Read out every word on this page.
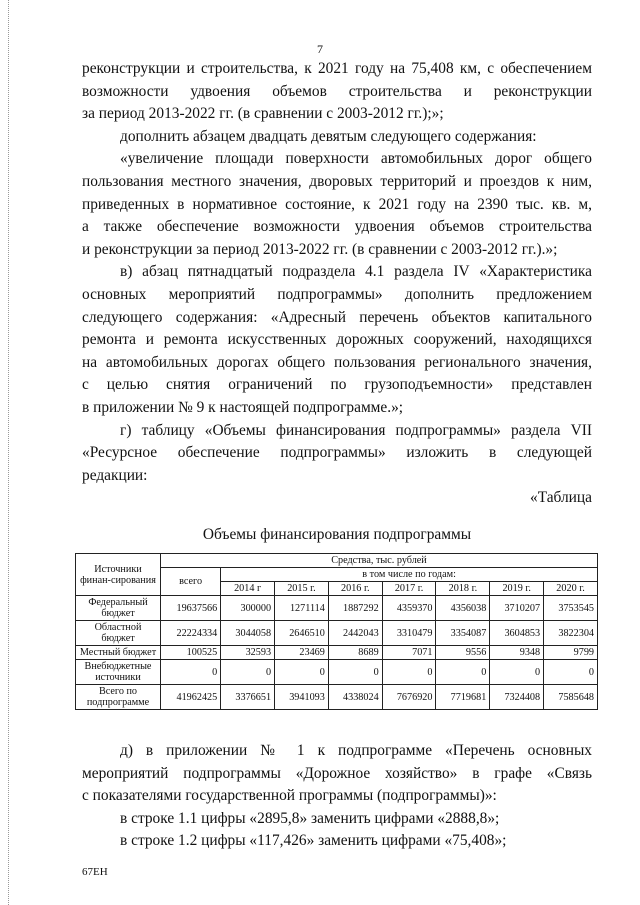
7
реконструкции и строительства, к 2021 году на 75,408 км, с обеспечением
возможности удвоения объемов строительства и реконструкции
за период 2013-2022 гг. (в сравнении с 2003-2012 гг.);»;
дополнить абзацем двадцать девятым следующего содержания:
«увеличение площади поверхности автомобильных дорог общего
пользования местного значения, дворовых территорий и проездов к ним,
приведенных в нормативное состояние, к 2021 году на 2390 тыс. кв. м,
а также обеспечение возможности удвоения объемов строительства
и реконструкции за период 2013-2022 гг. (в сравнении с 2003-2012 гг.).»;
в) абзац пятнадцатый подраздела 4.1 раздела IV «Характеристика
основных мероприятий подпрограммы» дополнить предложением
следующего содержания: «Адресный перечень объектов капитального
ремонта и ремонта искусственных дорожных сооружений, находящихся
на автомобильных дорогах общего пользования регионального значения,
с целью снятия ограничений по грузоподъемности» представлен
в приложении № 9 к настоящей подпрограмме.»;
г) таблицу «Объемы финансирования подпрограммы» раздела VII
«Ресурсное обеспечение подпрограммы» изложить в следующей
редакции:
«Таблица
Объемы финансирования подпрограммы
Источники финан-сирования	Средства, тыс. рублей							
	всего	в том числе по годам:						
		2014 г	2015 г.	2016 г.	2017 г.	2018 г.	2019 г.	2020 г.
Федеральный бюджет	19637566	300000	1271114	1887292	4359370	4356038	3710207	3753545
Областной бюджет	22224334	3044058	2646510	2442043	3310479	3354087	3604853	3822304
Местный бюджет	100525	32593	23469	8689	7071	9556	9348	9799
Внебюджетные источники	0	0	0	0	0	0	0	0
Всего по подпрограмме	41962425	3376651	3941093	4338024	7676920	7719681	7324408	7585648
д) в приложении № 1 к подпрограмме «Перечень основных
мероприятий подпрограммы «Дорожное хозяйство» в графе «Связь
с показателями государственной программы (подпрограммы)»:
в строке 1.1 цифры «2895,8» заменить цифрами «2888,8»;
в строке 1.2 цифры «117,426» заменить цифрами «75,408»;
67ЕН
